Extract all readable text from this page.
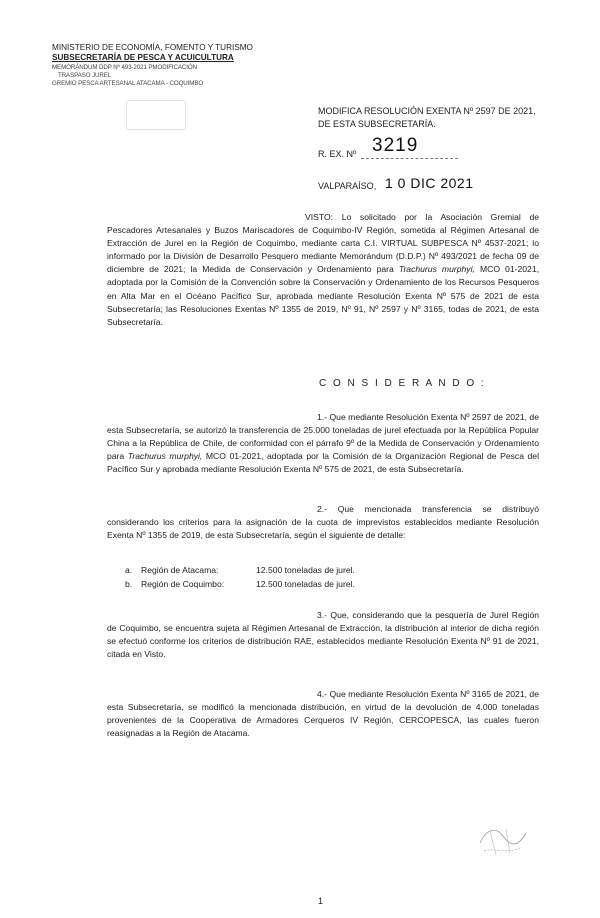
MINISTERIO DE ECONOMÍA, FOMENTO Y TURISMO
SUBSECRETARÍA DE PESCA Y ACUICULTURA
MEMORÁNDUM DDP Nº 493-2021 PMODIFICACIÓN
TRASPASO JUREL
GREMIO PESCA ARTESANAL ATACAMA - COQUIMBO
MODIFICA RESOLUCIÓN EXENTA Nº 2597 DE 2021,
DE ESTA SUBSECRETARÍA.
R. EX. Nº 3219
VALPARAÍSO, 1 0 DIC 2021
VISTO: Lo solicitado por la Asociación Gremial de Pescadores Artesanales y Buzos Mariscadores de Coquimbo-IV Región, sometida al Régimen Artesanal de Extracción de Jurel en la Región de Coquimbo, mediante carta C.I. VIRTUAL SUBPESCA Nº 4537-2021; lo informado por la División de Desarrollo Pesquero mediante Memorándum (D.D.P.) Nº 493/2021 de fecha 09 de diciembre de 2021; la Medida de Conservación y Ordenamiento para Trachurus murphyi, MCO 01-2021, adoptada por la Comisión de la Convención sobre la Conservación y Ordenamiento de los Recursos Pesqueros en Alta Mar en el Océano Pacífico Sur, aprobada mediante Resolución Exenta Nº 575 de 2021 de esta Subsecretaría; las Resoluciones Exentas Nº 1355 de 2019, Nº 91, Nº 2597 y Nº 3165, todas de 2021, de esta Subsecretaría.
C O N S I D E R A N D O :
1.- Que mediante Resolución Exenta Nº 2597 de 2021, de esta Subsecretaría, se autorizó la transferencia de 25.000 toneladas de jurel efectuada por la República Popular China a la República de Chile, de conformidad con el párrafo 9º de la Medida de Conservación y Ordenamiento para Trachurus murphyi, MCO 01-2021, adoptada por la Comisión de la Organización Regional de Pesca del Pacífico Sur y aprobada mediante Resolución Exenta Nº 575 de 2021, de esta Subsecretaría.
2.- Que mencionada transferencia se distribuyó considerando los criterios para la asignación de la cuota de imprevistos establecidos mediante Resolución Exenta Nº 1355 de 2019, de esta Subsecretaría, según el siguiente de detalle:
a. Región de Atacama:	12.500 toneladas de jurel.
b. Región de Coquimbo:	12.500 toneladas de jurel.
3.- Que, considerando que la pesquería de Jurel Región de Coquimbo, se encuentra sujeta al Régimen Artesanal de Extracción, la distribución al interior de dicha región se efectuó conforme los criterios de distribución RAE, establecidos mediante Resolución Exenta Nº 91 de 2021, citada en Visto.
4.- Que mediante Resolución Exenta Nº 3165 de 2021, de esta Subsecretaría, se modificó la mencionada distribución, en virtud de la devolución de 4.000 toneladas provenientes de la Cooperativa de Armadores Cerqueros IV Región, CERCOPESCA, las cuales fueron reasignadas a la Región de Atacama.
1
